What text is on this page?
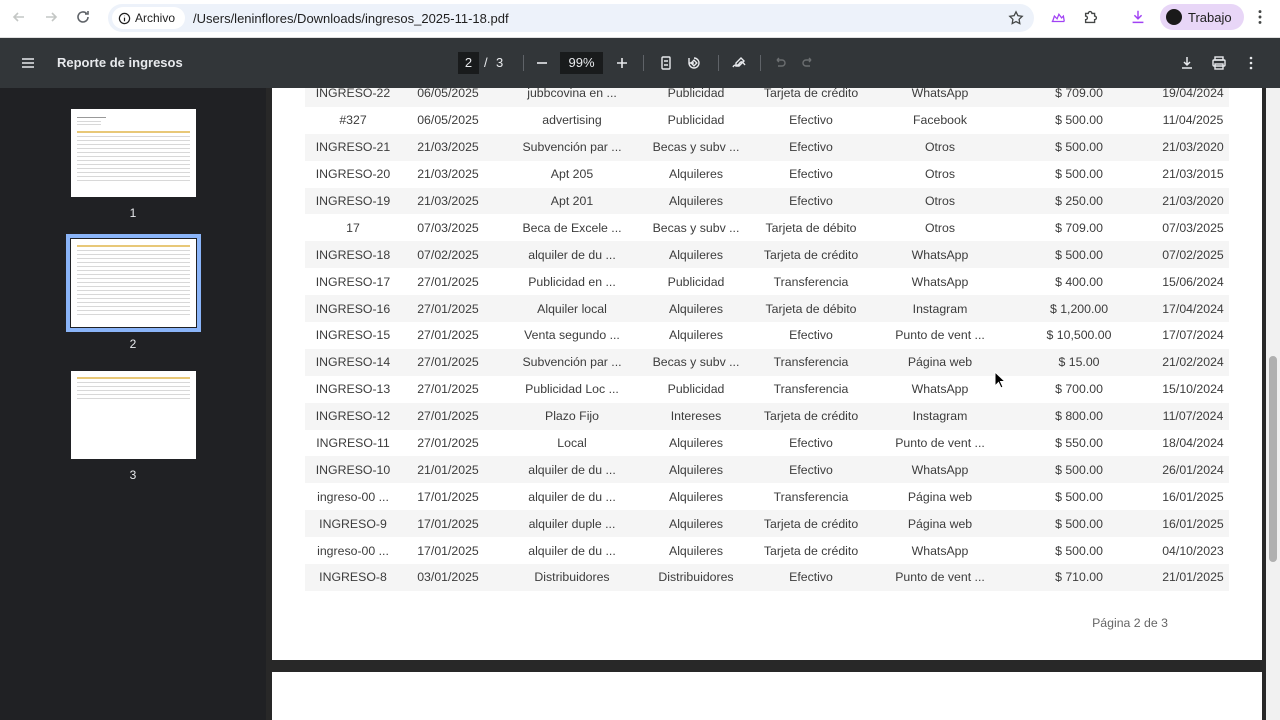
Archivo /Users/leninflores/Downloads/ingresos_2025-11-18.pdf	Trabajo
Reporte de ingresos	2 / 3	99%
1
2
3
INGRESO-22	06/05/2025	jubbcovina en ...	Publicidad	Tarjeta de crédito	WhatsApp	$ 709.00	19/04/2024
#327	06/05/2025	advertising	Publicidad	Efectivo	Facebook	$ 500.00	11/04/2025
INGRESO-21	21/03/2025	Subvención par ...	Becas y subv ...	Efectivo	Otros	$ 500.00	21/03/2020
INGRESO-20	21/03/2025	Apt 205	Alquileres	Efectivo	Otros	$ 500.00	21/03/2015
INGRESO-19	21/03/2025	Apt 201	Alquileres	Efectivo	Otros	$ 250.00	21/03/2020
17	07/03/2025	Beca de Excele ...	Becas y subv ...	Tarjeta de débito	Otros	$ 709.00	07/03/2025
INGRESO-18	07/02/2025	alquiler de du ...	Alquileres	Tarjeta de crédito	WhatsApp	$ 500.00	07/02/2025
INGRESO-17	27/01/2025	Publicidad en ...	Publicidad	Transferencia	WhatsApp	$ 400.00	15/06/2024
INGRESO-16	27/01/2025	Alquiler local	Alquileres	Tarjeta de débito	Instagram	$ 1,200.00	17/04/2024
INGRESO-15	27/01/2025	Venta segundo ...	Alquileres	Efectivo	Punto de vent ...	$ 10,500.00	17/07/2024
INGRESO-14	27/01/2025	Subvención par ...	Becas y subv ...	Transferencia	Página web	$ 15.00	21/02/2024
INGRESO-13	27/01/2025	Publicidad Loc ...	Publicidad	Transferencia	WhatsApp	$ 700.00	15/10/2024
INGRESO-12	27/01/2025	Plazo Fijo	Intereses	Tarjeta de crédito	Instagram	$ 800.00	11/07/2024
INGRESO-11	27/01/2025	Local	Alquileres	Efectivo	Punto de vent ...	$ 550.00	18/04/2024
INGRESO-10	21/01/2025	alquiler de du ...	Alquileres	Efectivo	WhatsApp	$ 500.00	26/01/2024
ingreso-00 ...	17/01/2025	alquiler de du ...	Alquileres	Transferencia	Página web	$ 500.00	16/01/2025
INGRESO-9	17/01/2025	alquiler duple ...	Alquileres	Tarjeta de crédito	Página web	$ 500.00	16/01/2025
ingreso-00 ...	17/01/2025	alquiler de du ...	Alquileres	Tarjeta de crédito	WhatsApp	$ 500.00	04/10/2023
INGRESO-8	03/01/2025	Distribuidores	Distribuidores	Efectivo	Punto de vent ...	$ 710.00	21/01/2025
Página 2 de 3
